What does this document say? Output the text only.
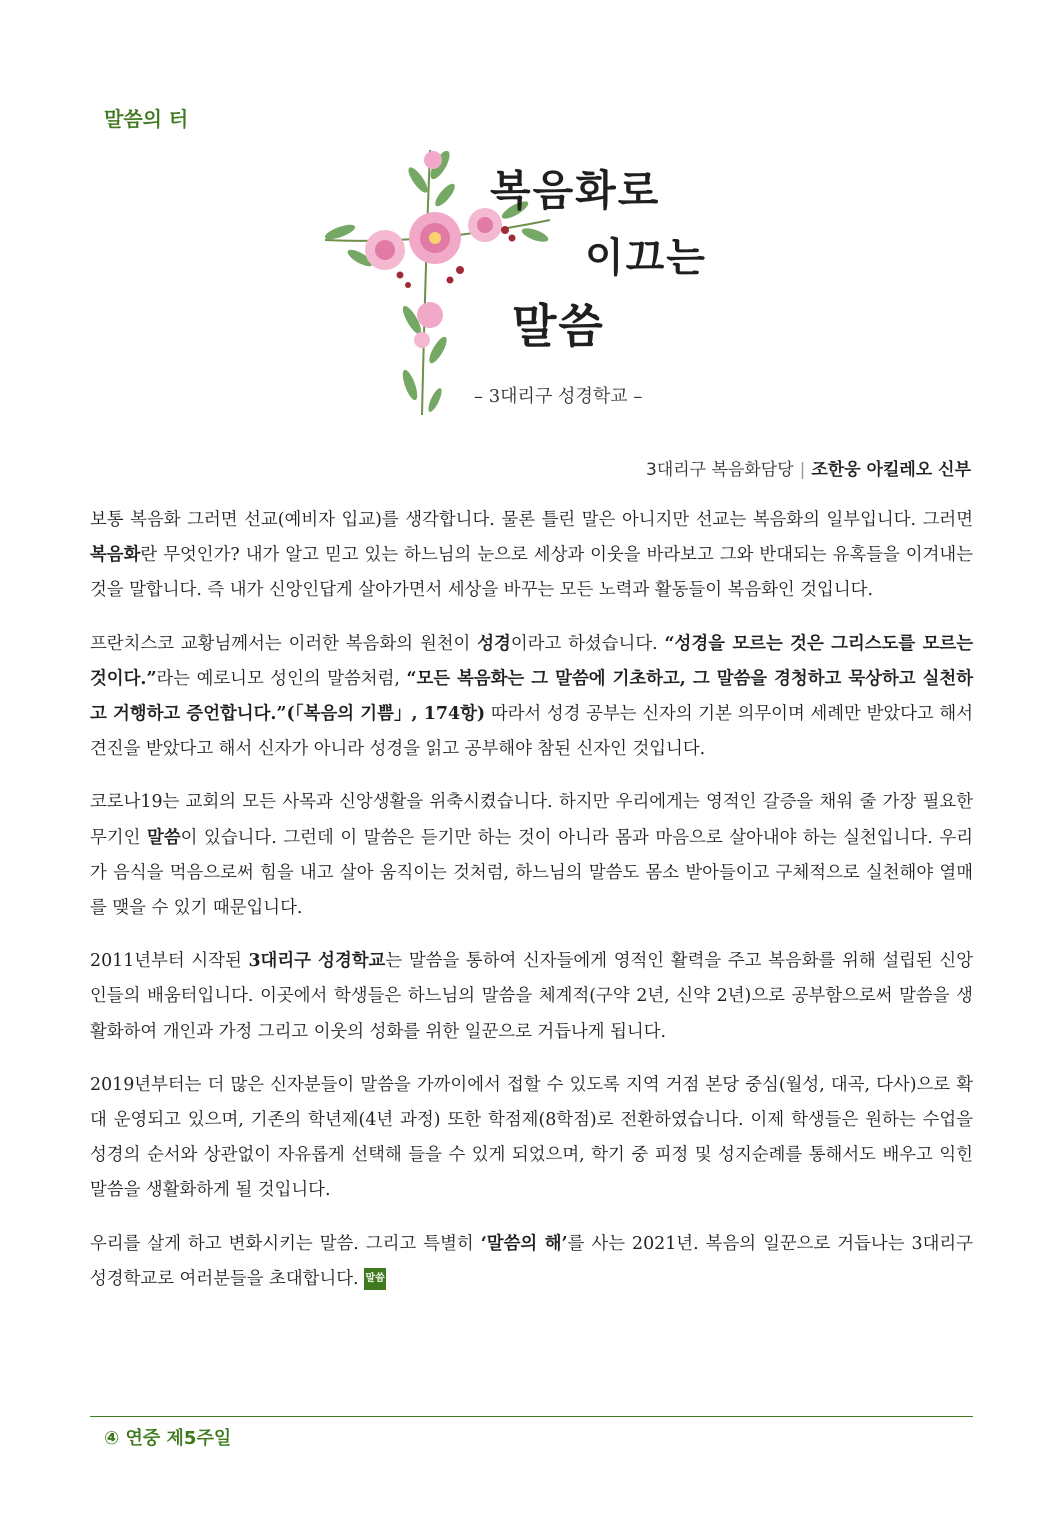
말씀의 터
복음화로
이끄는
말씀
– 3대리구 성경학교 –
3대리구 복음화담당 | 조한웅 아킬레오 신부

보통 복음화 그러면 선교(예비자 입교)를 생각합니다. 물론 틀린 말은 아니지만 선교는 복음화의 일부입니다. 그러면 복음화란 무엇인가? 내가 알고 믿고 있는 하느님의 눈으로 세상과 이웃을 바라보고 그와 반대되는 유혹들을 이겨내는 것을 말합니다. 즉 내가 신앙인답게 살아가면서 세상을 바꾸는 모든 노력과 활동들이 복음화인 것입니다.

프란치스코 교황님께서는 이러한 복음화의 원천이 성경이라고 하셨습니다. “성경을 모르는 것은 그리스도를 모르는 것이다.”라는 예로니모 성인의 말씀처럼, “모든 복음화는 그 말씀에 기초하고, 그 말씀을 경청하고 묵상하고 실천하고 거행하고 증언합니다.”(「복음의 기쁨」, 174항) 따라서 성경 공부는 신자의 기본 의무이며 세례만 받았다고 해서 견진을 받았다고 해서 신자가 아니라 성경을 읽고 공부해야 참된 신자인 것입니다.

코로나19는 교회의 모든 사목과 신앙생활을 위축시켰습니다. 하지만 우리에게는 영적인 갈증을 채워 줄 가장 필요한 무기인 말씀이 있습니다. 그런데 이 말씀은 듣기만 하는 것이 아니라 몸과 마음으로 살아내야 하는 실천입니다. 우리가 음식을 먹음으로써 힘을 내고 살아 움직이는 것처럼, 하느님의 말씀도 몸소 받아들이고 구체적으로 실천해야 열매를 맺을 수 있기 때문입니다.

2011년부터 시작된 3대리구 성경학교는 말씀을 통하여 신자들에게 영적인 활력을 주고 복음화를 위해 설립된 신앙인들의 배움터입니다. 이곳에서 학생들은 하느님의 말씀을 체계적(구약 2년, 신약 2년)으로 공부함으로써 말씀을 생활화하여 개인과 가정 그리고 이웃의 성화를 위한 일꾼으로 거듭나게 됩니다.

2019년부터는 더 많은 신자분들이 말씀을 가까이에서 접할 수 있도록 지역 거점 본당 중심(월성, 대곡, 다사)으로 확대 운영되고 있으며, 기존의 학년제(4년 과정) 또한 학점제(8학점)로 전환하였습니다. 이제 학생들은 원하는 수업을 성경의 순서와 상관없이 자유롭게 선택해 들을 수 있게 되었으며, 학기 중 피정 및 성지순례를 통해서도 배우고 익힌 말씀을 생활화하게 될 것입니다.

우리를 살게 하고 변화시키는 말씀. 그리고 특별히 ‘말씀의 해’를 사는 2021년. 복음의 일꾼으로 거듭나는 3대리구 성경학교로 여러분들을 초대합니다. 말씀

④ 연중 제5주일
